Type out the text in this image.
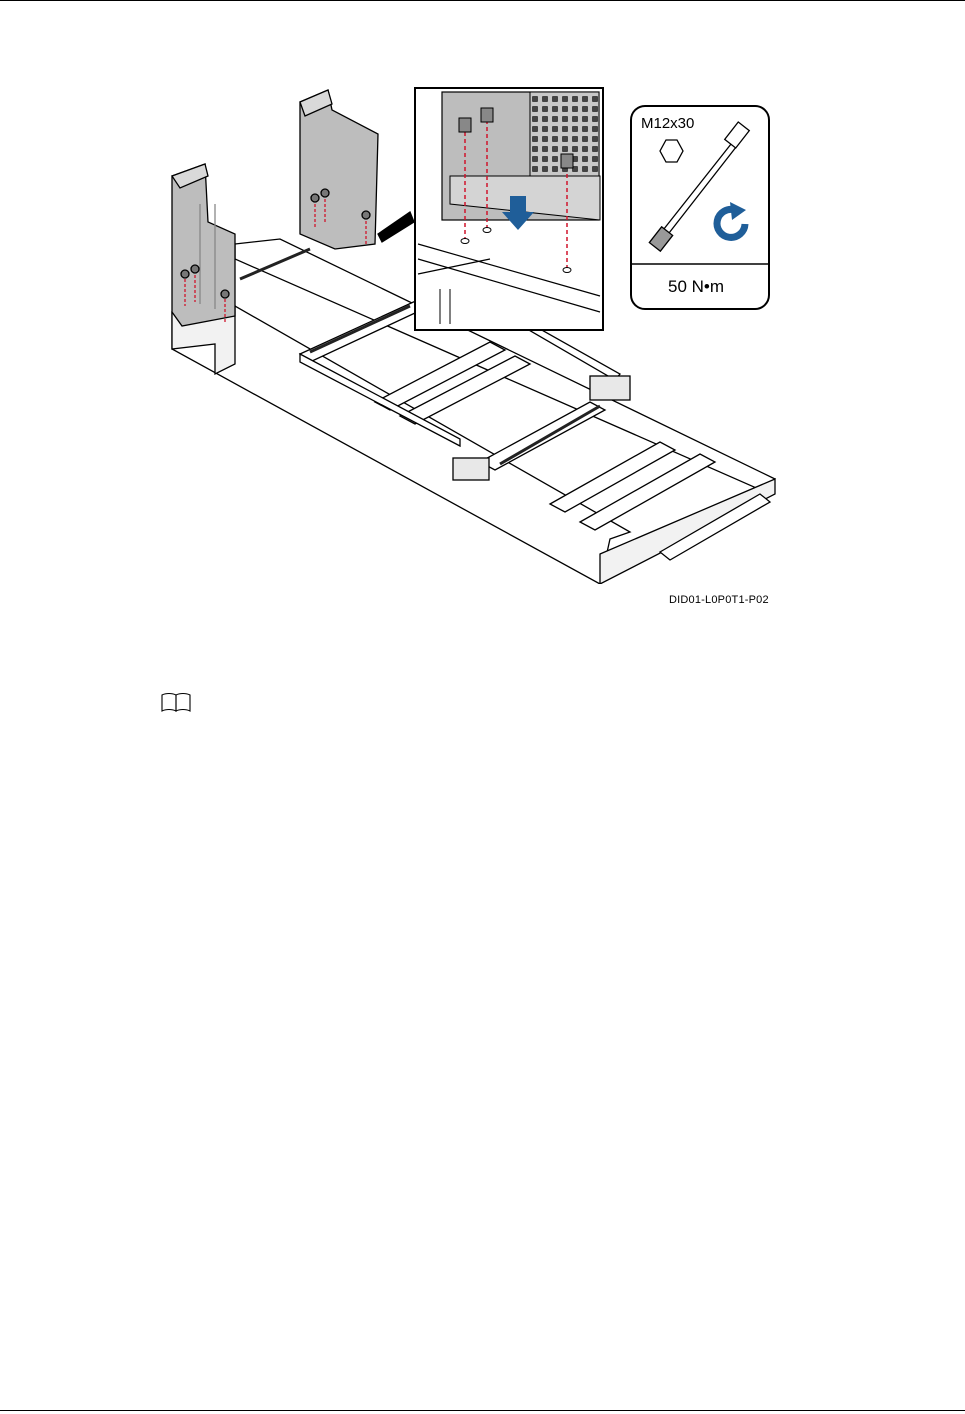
M12x30
50 N•m
DID01-L0P0T1-P02
